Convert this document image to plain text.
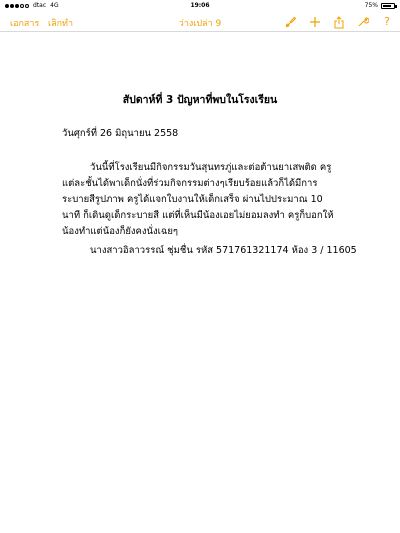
dtac 4G	19:06	75%
เอกสาร เลิกทำ	ว่างเปล่า 9	?
สัปดาห์ที่ 3 ปัญหาที่พบในโรงเรียน
วันศุกร์ที่ 26 มิถุนายน 2558

วันนี้ที่โรงเรียนมีกิจกรรมวันสุนทรภู่และต่อต้านยาเสพติด ครูแต่ละชั้นได้พาเด็กนั่งที่ร่วมกิจกรรมต่างๆเรียบร้อยแล้วก็ได้มีการระบายสีรูปภาพ ครูได้แจกใบงานให้เด็กเสร็จ ผ่านไปประมาณ 10 นาที ก็เดินดูเด็กระบายสี แต่ที่เห็นมีน้องเอยไม่ยอมลงทำ ครูก็บอกให้น้องทำแต่น้องก็ยังคงนั่งเฉยๆ

นางสาวอิลาวรรณ์ ชุ่มชื่น รหัส 571761321174 ห้อง 3 / 11605
